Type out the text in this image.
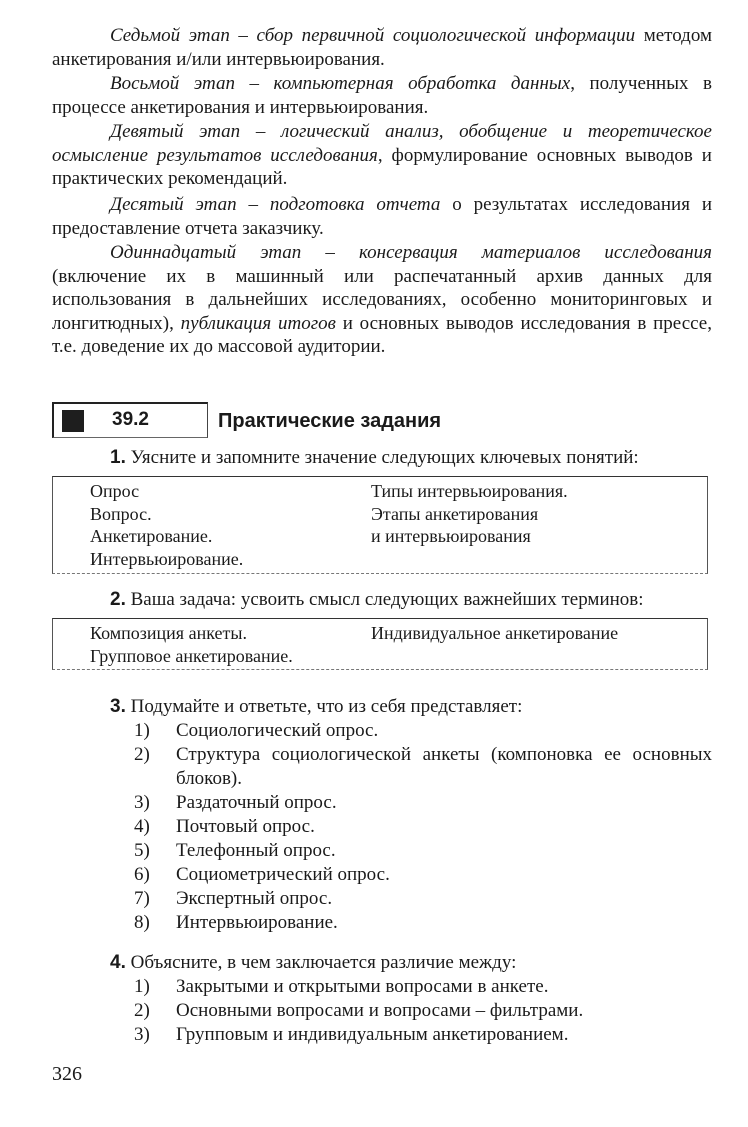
Седьмой этап – сбор первичной социологической информации методом анкетирования и/или интервьюирования.

Восьмой этап – компьютерная обработка данных, полученных в процессе анкетирования и интервьюирования.

Девятый этап – логический анализ, обобщение и теоретическое осмысление результатов исследования, формулирование основных выводов и практических рекомендаций.

Десятый этап – подготовка отчета о результатах исследования и предоставление отчета заказчику.

Одиннадцатый этап – консервация материалов исследования (включение их в машинный или распечатанный архив данных для использования в дальнейших исследованиях, особенно мониторинговых и лонгитюдных), публикация итогов и основных выводов исследования в прессе, т.е. доведение их до массовой аудитории.

39.2	Практические задания
1. Уясните и запомните значение следующих ключевых понятий:
Опрос
Вопрос.
Анкетирование.
Интервьюирование.
Типы интервьюирования.
Этапы анкетирования
и интервьюирования
2. Ваша задача: усвоить смысл следующих важнейших терминов:
Композиция анкеты.
Групповое анкетирование.
Индивидуальное анкетирование
3. Подумайте и ответьте, что из себя представляет:
1) Социологический опрос.
2) Структура социологической анкеты (компоновка ее основных блоков).
3) Раздаточный опрос.
4) Почтовый опрос.
5) Телефонный опрос.
6) Социометрический опрос.
7) Экспертный опрос.
8) Интервьюирование.
4. Объясните, в чем заключается различие между:
1) Закрытыми и открытыми вопросами в анкете.
2) Основными вопросами и вопросами – фильтрами.
3) Групповым и индивидуальным анкетированием.
326
